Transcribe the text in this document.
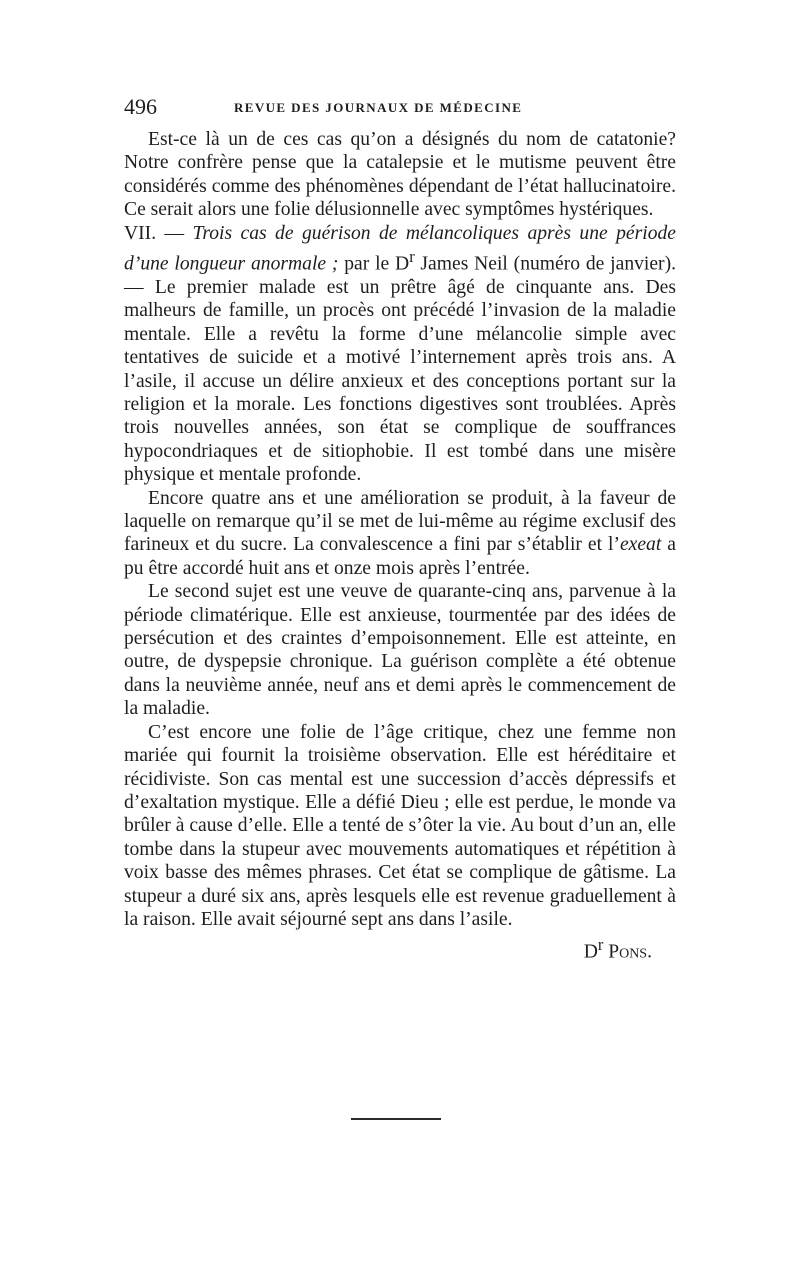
496	REVUE DES JOURNAUX DE MÉDECINE

Est-ce là un de ces cas qu’on a désignés du nom de catatonie? Notre confrère pense que la catalepsie et le mutisme peuvent être considérés comme des phénomènes dépendant de l’état hallucinatoire. Ce serait alors une folie délusionnelle avec symptômes hystériques.

VII. — Trois cas de guérison de mélancoliques après une période d’une longueur anormale ; par le $D^r$ James Neil (numéro de janvier). — Le premier malade est un prêtre âgé de cinquante ans. Des malheurs de famille, un procès ont précédé l’invasion de la maladie mentale. Elle a revêtu la forme d’une mélancolie simple avec tentatives de suicide et a motivé l’internement après trois ans. A l’asile, il accuse un délire anxieux et des conceptions portant sur la religion et la morale. Les fonctions digestives sont troublées. Après trois nouvelles années, son état se complique de souffrances hypocondriaques et de sitiophobie. Il est tombé dans une misère physique et mentale profonde.

Encore quatre ans et une amélioration se produit, à la faveur de laquelle on remarque qu’il se met de lui-même au régime exclusif des farineux et du sucre. La convalescence a fini par s’établir et l’exeat a pu être accordé huit ans et onze mois après l’entrée.

Le second sujet est une veuve de quarante-cinq ans, parvenue à la période climatérique. Elle est anxieuse, tourmentée par des idées de persécution et des craintes d’empoisonnement. Elle est atteinte, en outre, de dyspepsie chronique. La guérison complète a été obtenue dans la neuvième année, neuf ans et demi après le commencement de la maladie.

C’est encore une folie de l’âge critique, chez une femme non mariée qui fournit la troisième observation. Elle est héréditaire et récidiviste. Son cas mental est une succession d’accès dépressifs et d’exaltation mystique. Elle a défié Dieu ; elle est perdue, le monde va brûler à cause d’elle. Elle a tenté de s’ôter la vie. Au bout d’un an, elle tombe dans la stupeur avec mouvements automatiques et répétition à voix basse des mêmes phrases. Cet état se complique de gâtisme. La stupeur a duré six ans, après lesquels elle est revenue graduellement à la raison. Elle avait séjourné sept ans dans l’asile.

$D^r$ Pons.
